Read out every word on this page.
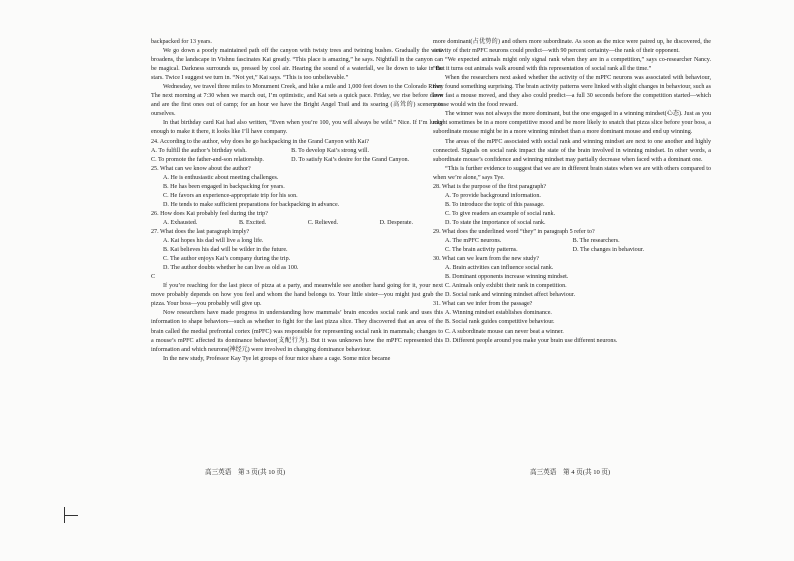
backpacked for 13 years.

We go down a poorly maintained path off the canyon with twisty trees and twining bushes. Gradually the view broadens, the landscape in Vishnu fascinates Kai greatly. “This place is amazing,” he says. Nightfall in the canyon can be magical. Darkness surrounds us, pressed by cool air. Hearing the sound of a waterfall, we lie down to take in the stars. Twice I suggest we turn in. “Not yet,” Kai says. “This is too unbelievable.”

Wednesday, we travel three miles to Monument Creek, and hike a mile and 1,000 feet down to the Colorado River. The next morning at 7:30 when we march out, I’m optimistic, and Kai sets a quick pace. Friday, we rise before dawn and are the first ones out of camp; for an hour we have the Bright Angel Trail and its soaring (高耸的) scenery to ourselves.

In that birthday card Kai had also written, “Even when you’re 100, you will always be wild.” Nice. If I’m lucky enough to make it there, it looks like I’ll have company.

24. According to the author, why does he go backpacking in the Grand Canyon with Kai?

A. To fulfill the author’s birthday wish.	B. To develop Kai’s strong will.
C. To promote the father-and-son relationship.	D. To satisfy Kai’s desire for the Grand Canyon.

25. What can we know about the author?

A. He is enthusiastic about meeting challenges.

B. He has been engaged in backpacking for years.

C. He favors an experience-appropriate trip for his son.

D. He tends to make sufficient preparations for backpacking in advance.

26. How does Kai probably feel during the trip?

A. Exhausted.	B. Excited.	C. Relieved.	D. Desperate.

27. What does the last paragraph imply?

A. Kai hopes his dad will live a long life.

B. Kai believes his dad will be wilder in the future.

C. The author enjoys Kai’s company during the trip.

D. The author doubts whether he can live as old as 100.

C

If you’re reaching for the last piece of pizza at a party, and meanwhile see another hand going for it, your next move probably depends on how you feel and whom the hand belongs to. Your little sister—you might just grab the pizza. Your boss—you probably will give up.

Now researchers have made progress in understanding how mammals’ brain encodes social rank and uses this information to shape behaviors—such as whether to fight for the last pizza slice. They discovered that an area of the brain called the medial prefrontal cortex (mPFC) was responsible for representing social rank in mammals; changes to a mouse’s mPFC affected its dominance behavior(支配行为). But it was unknown how the mPFC represented this information and which neurons(神经元) were involved in changing dominance behaviour.

In the new study, Professor Kay Tye let groups of four mice share a cage. Some mice became

more dominant(占优势的) and others more subordinate. As soon as the mice were paired up, he discovered, the activity of their mPFC neurons could predict—with 90 percent certainty—the rank of their opponent.

“We expected animals might only signal rank when they are in a competition,” says co-researcher Nancy. “But it turns out animals walk around with this representation of social rank all the time.”

When the researchers next asked whether the activity of the mPFC neurons was associated with behaviour, they found something surprising. The brain activity patterns were linked with slight changes in behaviour, such as how fast a mouse moved, and they also could predict—a full 30 seconds before the competition started—which mouse would win the food reward.

The winner was not always the more dominant, but the one engaged in a winning mindset(心态). Just as you might sometimes be in a more competitive mood and be more likely to snatch that pizza slice before your boss, a subordinate mouse might be in a more winning mindset than a more dominant mouse and end up winning.

The areas of the mPFC associated with social rank and winning mindset are next to one another and highly connected. Signals on social rank impact the state of the brain involved in winning mindset. In other words, a subordinate mouse’s confidence and winning mindset may partially decrease when faced with a dominant one.

“This is further evidence to suggest that we are in different brain states when we are with others compared to when we’re alone,” says Tye.

28. What is the purpose of the first paragraph?

A. To provide background information.

B. To introduce the topic of this passage.

C. To give readers an example of social rank.

D. To state the importance of social rank.

29. What does the underlined word “they” in paragraph 5 refer to?

A. The mPFC neurons.	B. The researchers.
C. The brain activity patterns.	D. The changes in behaviour.

30. What can we learn from the new study?

A. Brain activities can influence social rank.

B. Dominant opponents increase winning mindset.

C. Animals only exhibit their rank in competition.

D. Social rank and winning mindset affect behaviour.

31. What can we infer from the passage?

A. Winning mindset establishes dominance.

B. Social rank guides competitive behaviour.

C. A subordinate mouse can never beat a winner.

D. Different people around you make your brain use different neurons.

高三英语　第 3 页(共 10 页)	高三英语　第 4 页(共 10 页)
